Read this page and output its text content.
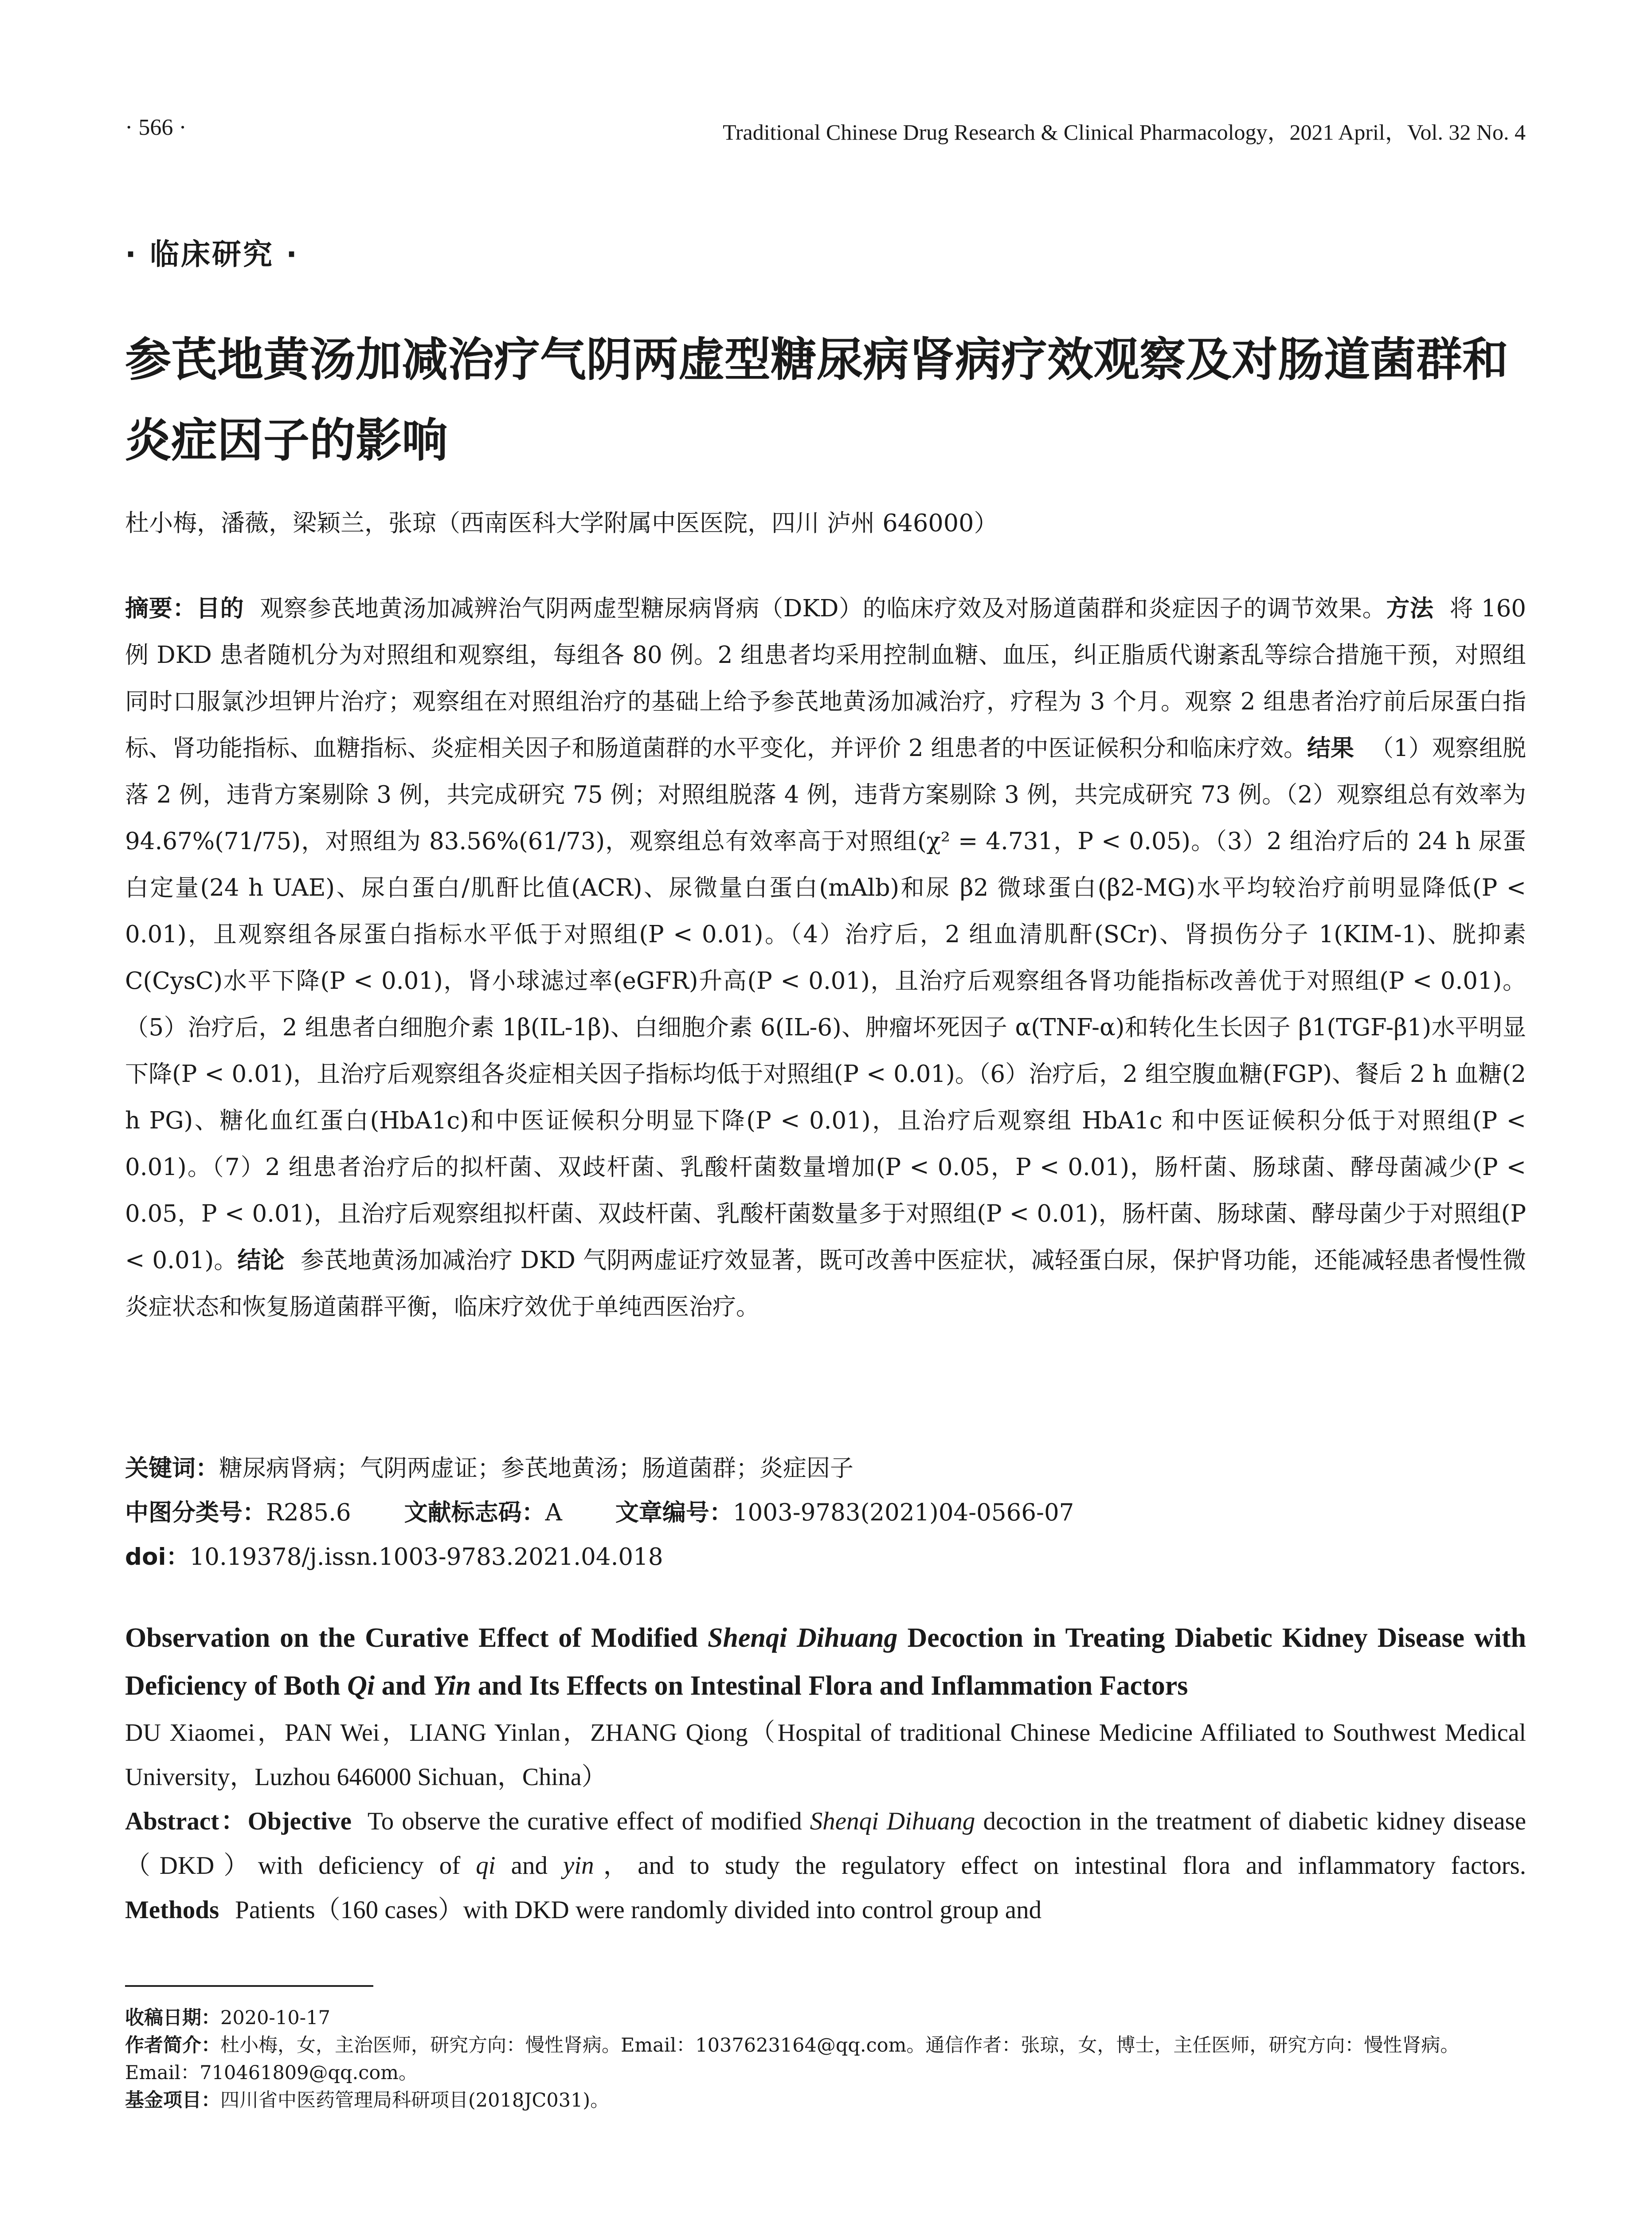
· 566 ·	Traditional Chinese Drug Research & Clinical Pharmacology，2021 April，Vol. 32 No. 4
· 临床研究 ·
参芪地黄汤加减治疗气阴两虚型糖尿病肾病疗效观察及对肠道菌群和炎症因子的影响
杜小梅，潘薇，梁颖兰，张琼（西南医科大学附属中医医院，四川 泸州 646000）
摘要：目的 观察参芪地黄汤加减辨治气阴两虚型糖尿病肾病（DKD）的临床疗效及对肠道菌群和炎症因子的调节效果。方法 将 160 例 DKD 患者随机分为对照组和观察组，每组各 80 例。2 组患者均采用控制血糖、血压，纠正脂质代谢紊乱等综合措施干预，对照组同时口服氯沙坦钾片治疗；观察组在对照组治疗的基础上给予参芪地黄汤加减治疗，疗程为 3 个月。观察 2 组患者治疗前后尿蛋白指标、肾功能指标、血糖指标、炎症相关因子和肠道菌群的水平变化，并评价 2 组患者的中医证候积分和临床疗效。结果 （1）观察组脱落 2 例，违背方案剔除 3 例，共完成研究 75 例；对照组脱落 4 例，违背方案剔除 3 例，共完成研究 73 例。（2）观察组总有效率为 94.67%(71/75)，对照组为 83.56%(61/73)，观察组总有效率高于对照组(χ² = 4.731，P < 0.05)。（3）2 组治疗后的 24 h 尿蛋白定量(24 h UAE)、尿白蛋白/肌酐比值(ACR)、尿微量白蛋白(mAlb)和尿 β2 微球蛋白(β2-MG)水平均较治疗前明显降低(P < 0.01)，且观察组各尿蛋白指标水平低于对照组(P < 0.01)。（4）治疗后，2 组血清肌酐(SCr)、肾损伤分子 1(KIM-1)、胱抑素 C(CysC)水平下降(P < 0.01)，肾小球滤过率(eGFR)升高(P < 0.01)，且治疗后观察组各肾功能指标改善优于对照组(P < 0.01)。（5）治疗后，2 组患者白细胞介素 1β(IL-1β)、白细胞介素 6(IL-6)、肿瘤坏死因子 α(TNF-α)和转化生长因子 β1(TGF-β1)水平明显下降(P < 0.01)，且治疗后观察组各炎症相关因子指标均低于对照组(P < 0.01)。（6）治疗后，2 组空腹血糖(FGP)、餐后 2 h 血糖(2 h PG)、糖化血红蛋白(HbA1c)和中医证候积分明显下降(P < 0.01)，且治疗后观察组 HbA1c 和中医证候积分低于对照组(P < 0.01)。（7）2 组患者治疗后的拟杆菌、双歧杆菌、乳酸杆菌数量增加(P < 0.05，P < 0.01)，肠杆菌、肠球菌、酵母菌减少(P < 0.05，P < 0.01)，且治疗后观察组拟杆菌、双歧杆菌、乳酸杆菌数量多于对照组(P < 0.01)，肠杆菌、肠球菌、酵母菌少于对照组(P < 0.01)。结论 参芪地黄汤加减治疗 DKD 气阴两虚证疗效显著，既可改善中医症状，减轻蛋白尿，保护肾功能，还能减轻患者慢性微炎症状态和恢复肠道菌群平衡，临床疗效优于单纯西医治疗。
关键词：糖尿病肾病；气阴两虚证；参芪地黄汤；肠道菌群；炎症因子
中图分类号：R285.6 文献标志码：A 文章编号：1003-9783(2021)04-0566-07
doi：10.19378/j.issn.1003-9783.2021.04.018
Observation on the Curative Effect of Modified Shenqi Dihuang Decoction in Treating Diabetic Kidney Disease with Deficiency of Both Qi and Yin and Its Effects on Intestinal Flora and Inflammation Factors
DU Xiaomei，PAN Wei，LIANG Yinlan，ZHANG Qiong（Hospital of traditional Chinese Medicine Affiliated to Southwest Medical University，Luzhou 646000 Sichuan，China）
Abstract：Objective To observe the curative effect of modified Shenqi Dihuang decoction in the treatment of diabetic kidney disease（DKD）with deficiency of qi and yin，and to study the regulatory effect on intestinal flora and inflammatory factors. Methods Patients（160 cases）with DKD were randomly divided into control group and

收稿日期：2020-10-17

作者简介：杜小梅，女，主治医师，研究方向：慢性肾病。Email：1037623164@qq.com。通信作者：张琼，女，博士，主任医师，研究方向：慢性肾病。Email：710461809@qq.com。

基金项目：四川省中医药管理局科研项目(2018JC031)。
